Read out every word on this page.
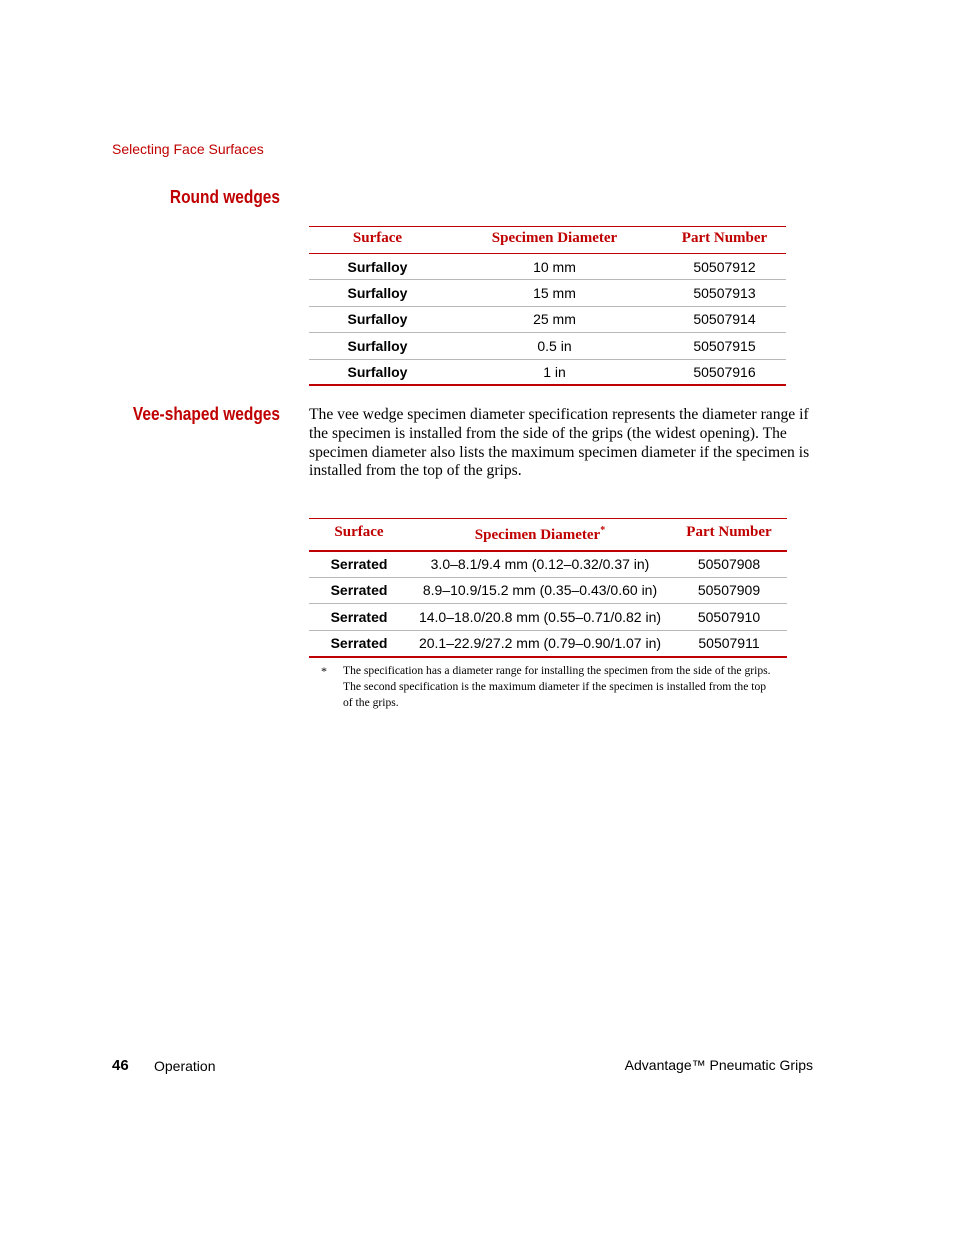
Selecting Face Surfaces
Round wedges
Surface	Specimen Diameter	Part Number
Surfalloy	10 mm	50507912
Surfalloy	15 mm	50507913
Surfalloy	25 mm	50507914
Surfalloy	0.5 in	50507915
Surfalloy	1 in	50507916
Vee-shaped wedges The vee wedge specimen diameter specification represents the diameter range if the specimen is installed from the side of the grips (the widest opening). The specimen diameter also lists the maximum specimen diameter if the specimen is installed from the top of the grips.
Surface	Specimen Diameter*	Part Number
Serrated	3.0–8.1/9.4 mm (0.12–0.32/0.37 in)	50507908
Serrated	8.9–10.9/15.2 mm (0.35–0.43/0.60 in)	50507909
Serrated	14.0–18.0/20.8 mm (0.55–0.71/0.82 in)	50507910
Serrated	20.1–22.9/27.2 mm (0.79–0.90/1.07 in)	50507911
* The specification has a diameter range for installing the specimen from the side of the grips. The second specification is the maximum diameter if the specimen is installed from the top of the grips.
46 Operation	Advantage™ Pneumatic Grips
